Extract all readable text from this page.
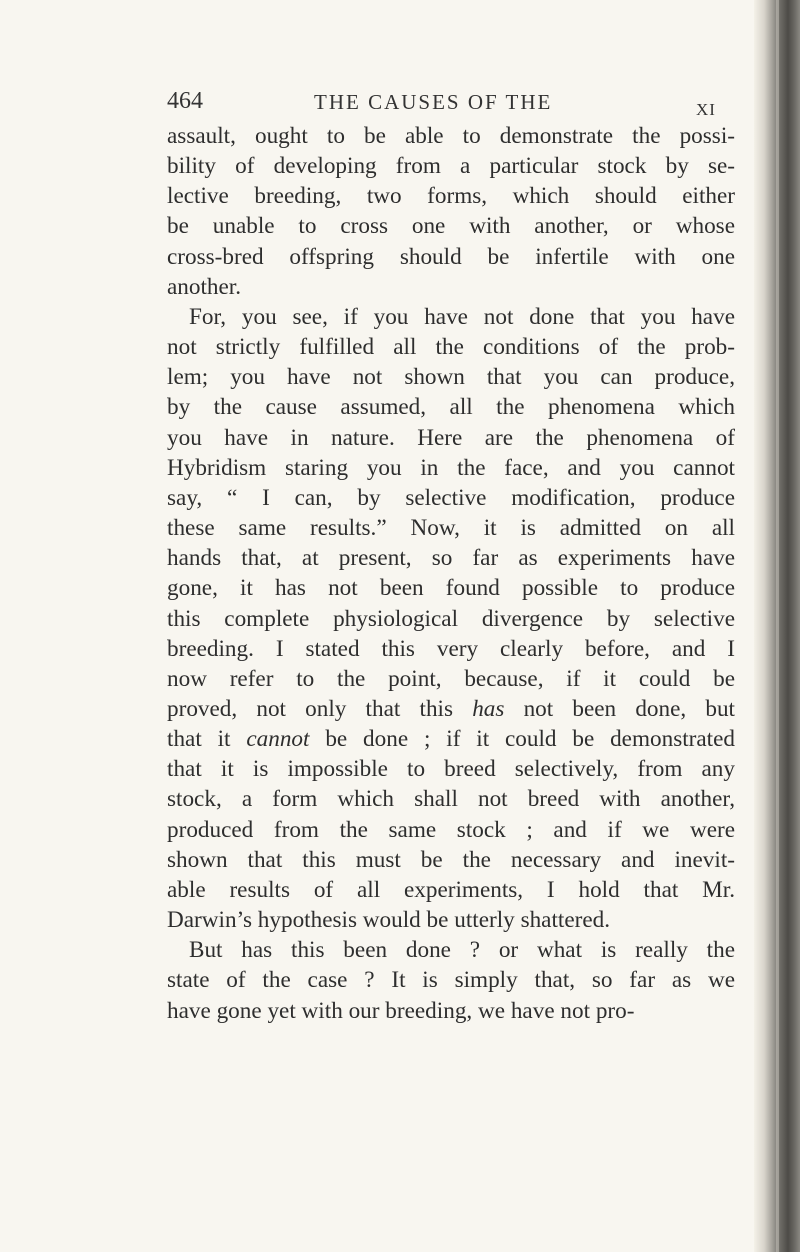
464	THE CAUSES OF THE	XI

assault, ought to be able to demonstrate the possi-
bility of developing from a particular stock by se-
lective breeding, two forms, which should either
be unable to cross one with another, or whose
cross-bred offspring should be infertile with one
another.

For, you see, if you have not done that you have
not strictly fulfilled all the conditions of the prob-
lem; you have not shown that you can produce,
by the cause assumed, all the phenomena which
you have in nature. Here are the phenomena of
Hybridism staring you in the face, and you cannot
say, “ I can, by selective modification, produce
these same results.” Now, it is admitted on all
hands that, at present, so far as experiments have
gone, it has not been found possible to produce
this complete physiological divergence by selective
breeding. I stated this very clearly before, and I
now refer to the point, because, if it could be
proved, not only that this has not been done, but
that it cannot be done ; if it could be demonstrated
that it is impossible to breed selectively, from any
stock, a form which shall not breed with another,
produced from the same stock ; and if we were
shown that this must be the necessary and inevit-
able results of all experiments, I hold that Mr.
Darwin’s hypothesis would be utterly shattered.

But has this been done ? or what is really the
state of the case ? It is simply that, so far as we
have gone yet with our breeding, we have not pro-
